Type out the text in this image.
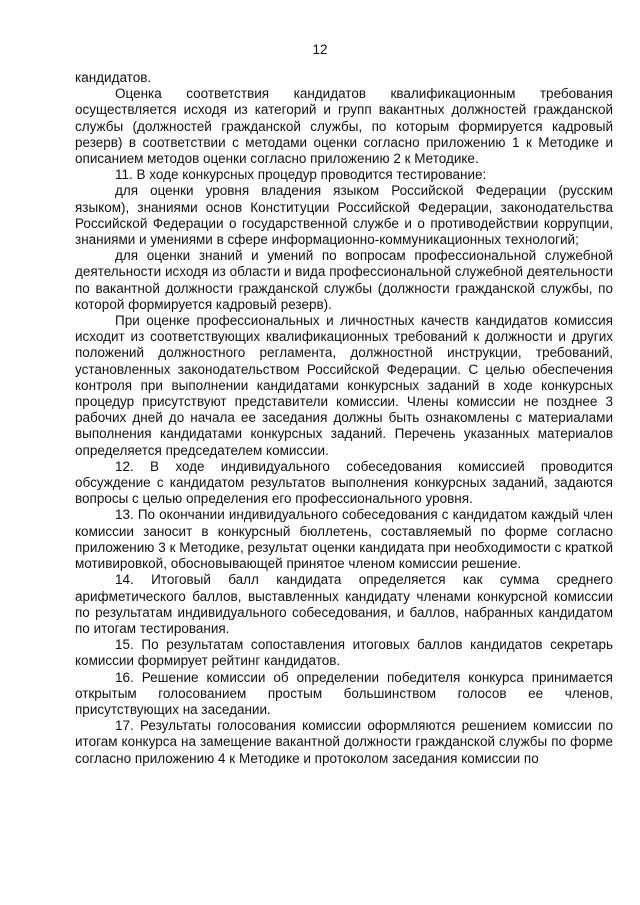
12

кандидатов.

Оценка соответствия кандидатов квалификационным требования осуществляется исходя из категорий и групп вакантных должностей гражданской службы (должностей гражданской службы, по которым формируется кадровый резерв) в соответствии с методами оценки согласно приложению 1 к Методике и описанием методов оценки согласно приложению 2 к Методике.

11. В ходе конкурсных процедур проводится тестирование:

для оценки уровня владения языком Российской Федерации (русским языком), знаниями основ Конституции Российской Федерации, законодательства Российской Федерации о государственной службе и о противодействии коррупции, знаниями и умениями в сфере информационно-коммуникационных технологий;

для оценки знаний и умений по вопросам профессиональной служебной деятельности исходя из области и вида профессиональной служебной деятельности по вакантной должности гражданской службы (должности гражданской службы, по которой формируется кадровый резерв).

При оценке профессиональных и личностных качеств кандидатов комиссия исходит из соответствующих квалификационных требований к должности и других положений должностного регламента, должностной инструкции, требований, установленных законодательством Российской Федерации. С целью обеспечения контроля при выполнении кандидатами конкурсных заданий в ходе конкурсных процедур присутствуют представители комиссии. Члены комиссии не позднее 3 рабочих дней до начала ее заседания должны быть ознакомлены с материалами выполнения кандидатами конкурсных заданий. Перечень указанных материалов определяется председателем комиссии.

12. В ходе индивидуального собеседования комиссией проводится обсуждение с кандидатом результатов выполнения конкурсных заданий, задаются вопросы с целью определения его профессионального уровня.

13. По окончании индивидуального собеседования с кандидатом каждый член комиссии заносит в конкурсный бюллетень, составляемый по форме согласно приложению 3 к Методике, результат оценки кандидата при необходимости с краткой мотивировкой, обосновывающей принятое членом комиссии решение.

14. Итоговый балл кандидата определяется как сумма среднего арифметического баллов, выставленных кандидату членами конкурсной комиссии по результатам индивидуального собеседования, и баллов, набранных кандидатом по итогам тестирования.

15. По результатам сопоставления итоговых баллов кандидатов секретарь комиссии формирует рейтинг кандидатов.

16. Решение комиссии об определении победителя конкурса принимается открытым голосованием простым большинством голосов ее членов, присутствующих на заседании.

17. Результаты голосования комиссии оформляются решением комиссии по итогам конкурса на замещение вакантной должности гражданской службы по форме согласно приложению 4 к Методике и протоколом заседания комиссии по
